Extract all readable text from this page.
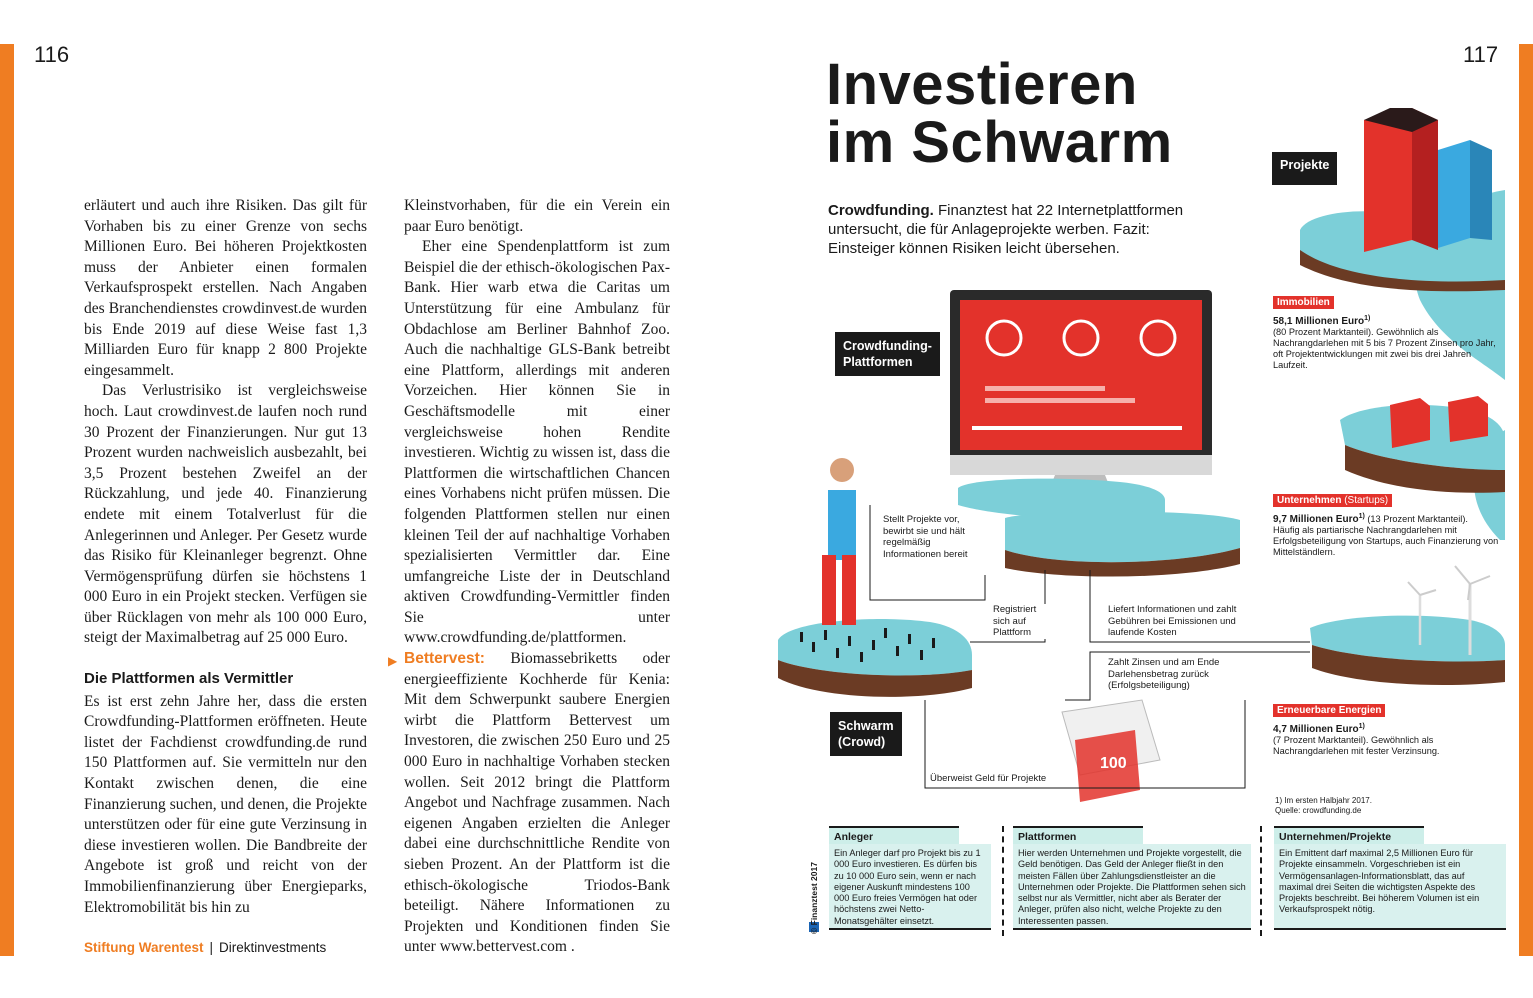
116	117

erläutert und auch ihre Risiken. Das gilt für Vorhaben bis zu einer Grenze von sechs Millionen Euro. Bei höheren Projektkosten muss der Anbieter einen formalen Verkaufsprospekt erstellen. Nach Angaben des Branchendienstes crowdinvest.de wurden bis Ende 2019 auf diese Weise fast 1,3 Milliarden Euro für knapp 2 800 Projekte eingesammelt.

Das Verlustrisiko ist vergleichsweise hoch. Laut crowdinvest.de laufen noch rund 30 Prozent der Finanzierungen. Nur gut 13 Prozent wurden nachweislich ausbezahlt, bei 3,5 Prozent bestehen Zweifel an der Rückzahlung, und jede 40. Finanzierung endete mit einem Totalverlust für die Anlegerinnen und Anleger. Per Gesetz wurde das Risiko für Kleinanleger begrenzt. Ohne Vermögensprüfung dürfen sie höchstens 1 000 Euro in ein Projekt stecken. Verfügen sie über Rücklagen von mehr als 100 000 Euro, steigt der Maximalbetrag auf 25 000 Euro.

Die Plattformen als Vermittler

Es ist erst zehn Jahre her, dass die ersten Crowdfunding-Plattformen eröffneten. Heute listet der Fachdienst crowdfunding.de rund 150 Plattformen auf. Sie vermitteln nur den Kontakt zwischen denen, die eine Finanzierung suchen, und denen, die Projekte unterstützen oder für eine gute Verzinsung in diese investieren wollen. Die Bandbreite der Angebote ist groß und reicht von der Immobilienfinanzierung über Energieparks, Elektromobilität bis hin zu

Kleinstvorhaben, für die ein Verein ein paar Euro benötigt.

Eher eine Spendenplattform ist zum Beispiel die der ethisch-ökologischen Pax-Bank. Hier warb etwa die Caritas um Unterstützung für eine Ambulanz für Obdachlose am Berliner Bahnhof Zoo. Auch die nachhaltige GLS-Bank betreibt eine Plattform, allerdings mit anderen Vorzeichen. Hier können Sie in Geschäftsmodelle mit einer vergleichsweise hohen Rendite investieren. Wichtig zu wissen ist, dass die Plattformen die wirtschaftlichen Chancen eines Vorhabens nicht prüfen müssen. Die folgenden Plattformen stellen nur einen kleinen Teil der auf nachhaltige Vorhaben spezialisierten Vermittler dar. Eine umfangreiche Liste der in Deutschland aktiven Crowdfunding-Vermittler finden Sie unter www.crowdfunding.de/plattformen.

▶ Bettervest: Biomassebriketts oder energieeffiziente Kochherde für Kenia: Mit dem Schwerpunkt saubere Energien wirbt die Plattform Bettervest um Investoren, die zwischen 250 Euro und 25 000 Euro in nachhaltige Vorhaben stecken wollen. Seit 2012 bringt die Plattform Angebot und Nachfrage zusammen. Nach eigenen Angaben erzielten die Anleger dabei eine durchschnittliche Rendite von sieben Prozent. An der Plattform ist die ethisch-ökologische Triodos-Bank beteiligt. Nähere Informationen zu Projekten und Konditionen finden Sie unter www.bettervest.com .

Stiftung Warentest | Direktinvestments
Investieren
im Schwarm
Crowdfunding. Finanztest hat 22 Internetplattformen untersucht, die für Anlageprojekte werben. Fazit: Einsteiger können Risiken leicht übersehen.
100
Crowdfunding-
Plattformen
Schwarm
(Crowd)
Projekte
Stellt Projekte vor, bewirbt sie und hält regelmäßig Informationen bereit
Registriert sich auf Plattform
Liefert Informationen und zahlt Gebühren bei Emissionen und laufende Kosten
Zahlt Zinsen und am Ende Darlehensbetrag zurück (Erfolgsbeteiligung)
Überweist Geld für Projekte
Immobilien
58,1 Millionen Euro$^{1)}$
(80 Prozent Marktanteil). Gewöhnlich als Nachrangdarlehen mit 5 bis 7 Prozent Zinsen pro Jahr, oft Projektentwicklungen mit zwei bis drei Jahren Laufzeit.
Unternehmen (Startups)
9,7 Millionen Euro$^{1)}$ (13 Prozent Marktanteil).
Häufig als partiarische Nachrangdarlehen mit Erfolgsbeteiligung von Startups, auch Finanzierung von Mittelständlern.
Erneuerbare Energien
4,7 Millionen Euro$^{1)}$
(7 Prozent Marktanteil). Gewöhnlich als Nachrangdarlehen mit fester Verzinsung.
1) Im ersten Halbjahr 2017.
Quelle: crowdfunding.de
© Finanztest 2017
Anleger
Ein Anleger darf pro Projekt bis zu 1 000 Euro investieren. Es dürfen bis zu 10 000 Euro sein, wenn er nach eigener Auskunft mindestens 100 000 Euro freies Vermögen hat oder höchstens zwei Netto-Monatsgehälter einsetzt.
Plattformen
Hier werden Unternehmen und Projekte vorgestellt, die Geld benötigen. Das Geld der Anleger fließt in den meisten Fällen über Zahlungsdienstleister an die Unternehmen oder Projekte. Die Plattformen sehen sich selbst nur als Vermittler, nicht aber als Berater der Anleger, prüfen also nicht, welche Projekte zu den Interessenten passen.
Unternehmen/Projekte
Ein Emittent darf maximal 2,5 Millionen Euro für Projekte einsammeln. Vorgeschrieben ist ein Vermögensanlagen-Informationsblatt, das auf maximal drei Seiten die wichtigsten Aspekte des Projekts beschreibt. Bei höherem Volumen ist ein Verkaufsprospekt nötig.
